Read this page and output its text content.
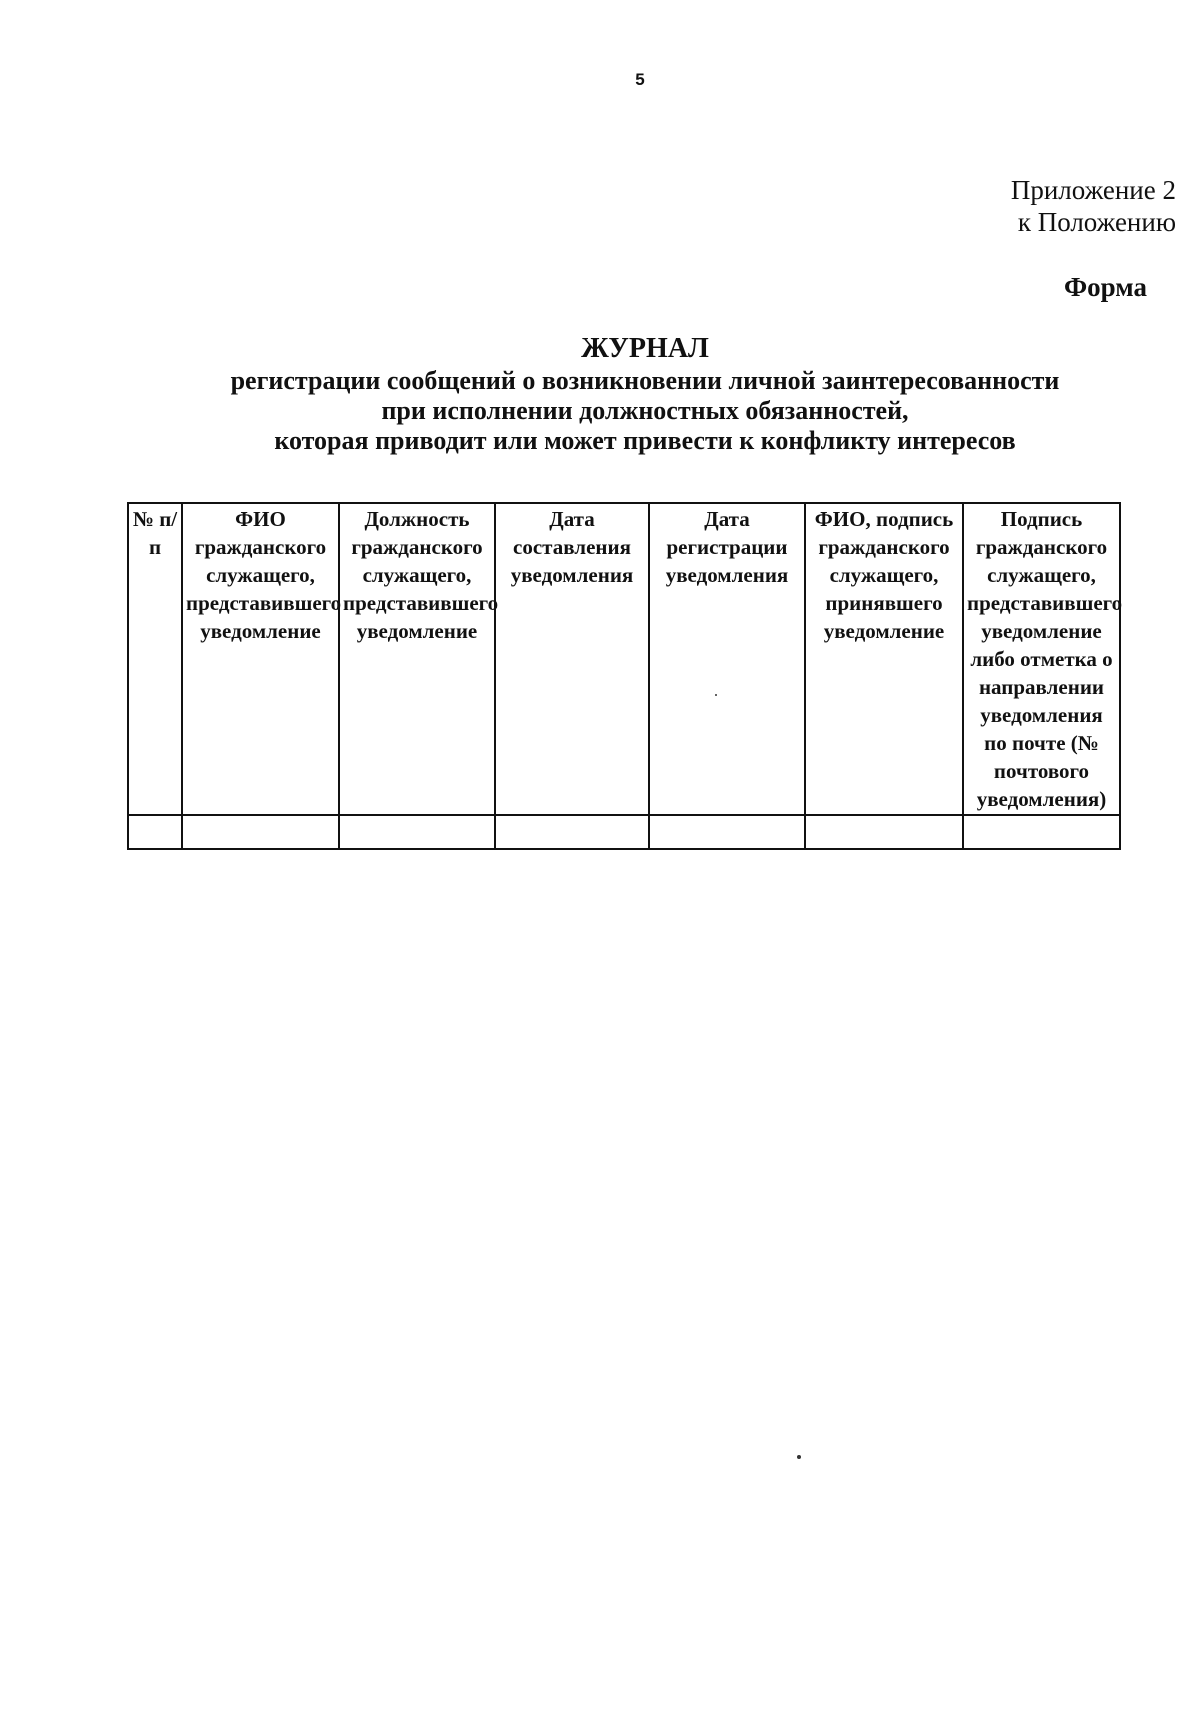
5
Приложение 2
к Положению
Форма
ЖУРНАЛ
регистрации сообщений о возникновении личной заинтересованности
при исполнении должностных обязанностей,
которая приводит или может привести к конфликту интересов
№ п/п	ФИО гражданского служащего, представившего уведомление	Должность гражданского служащего, представившего уведомление	Дата составления уведомления	Дата регистрации уведомления	ФИО, подпись гражданского служащего, принявшего уведомление	Подпись гражданского служащего, представившего уведомление либо отметка о направлении уведомления по почте (№ почтового уведомления)
